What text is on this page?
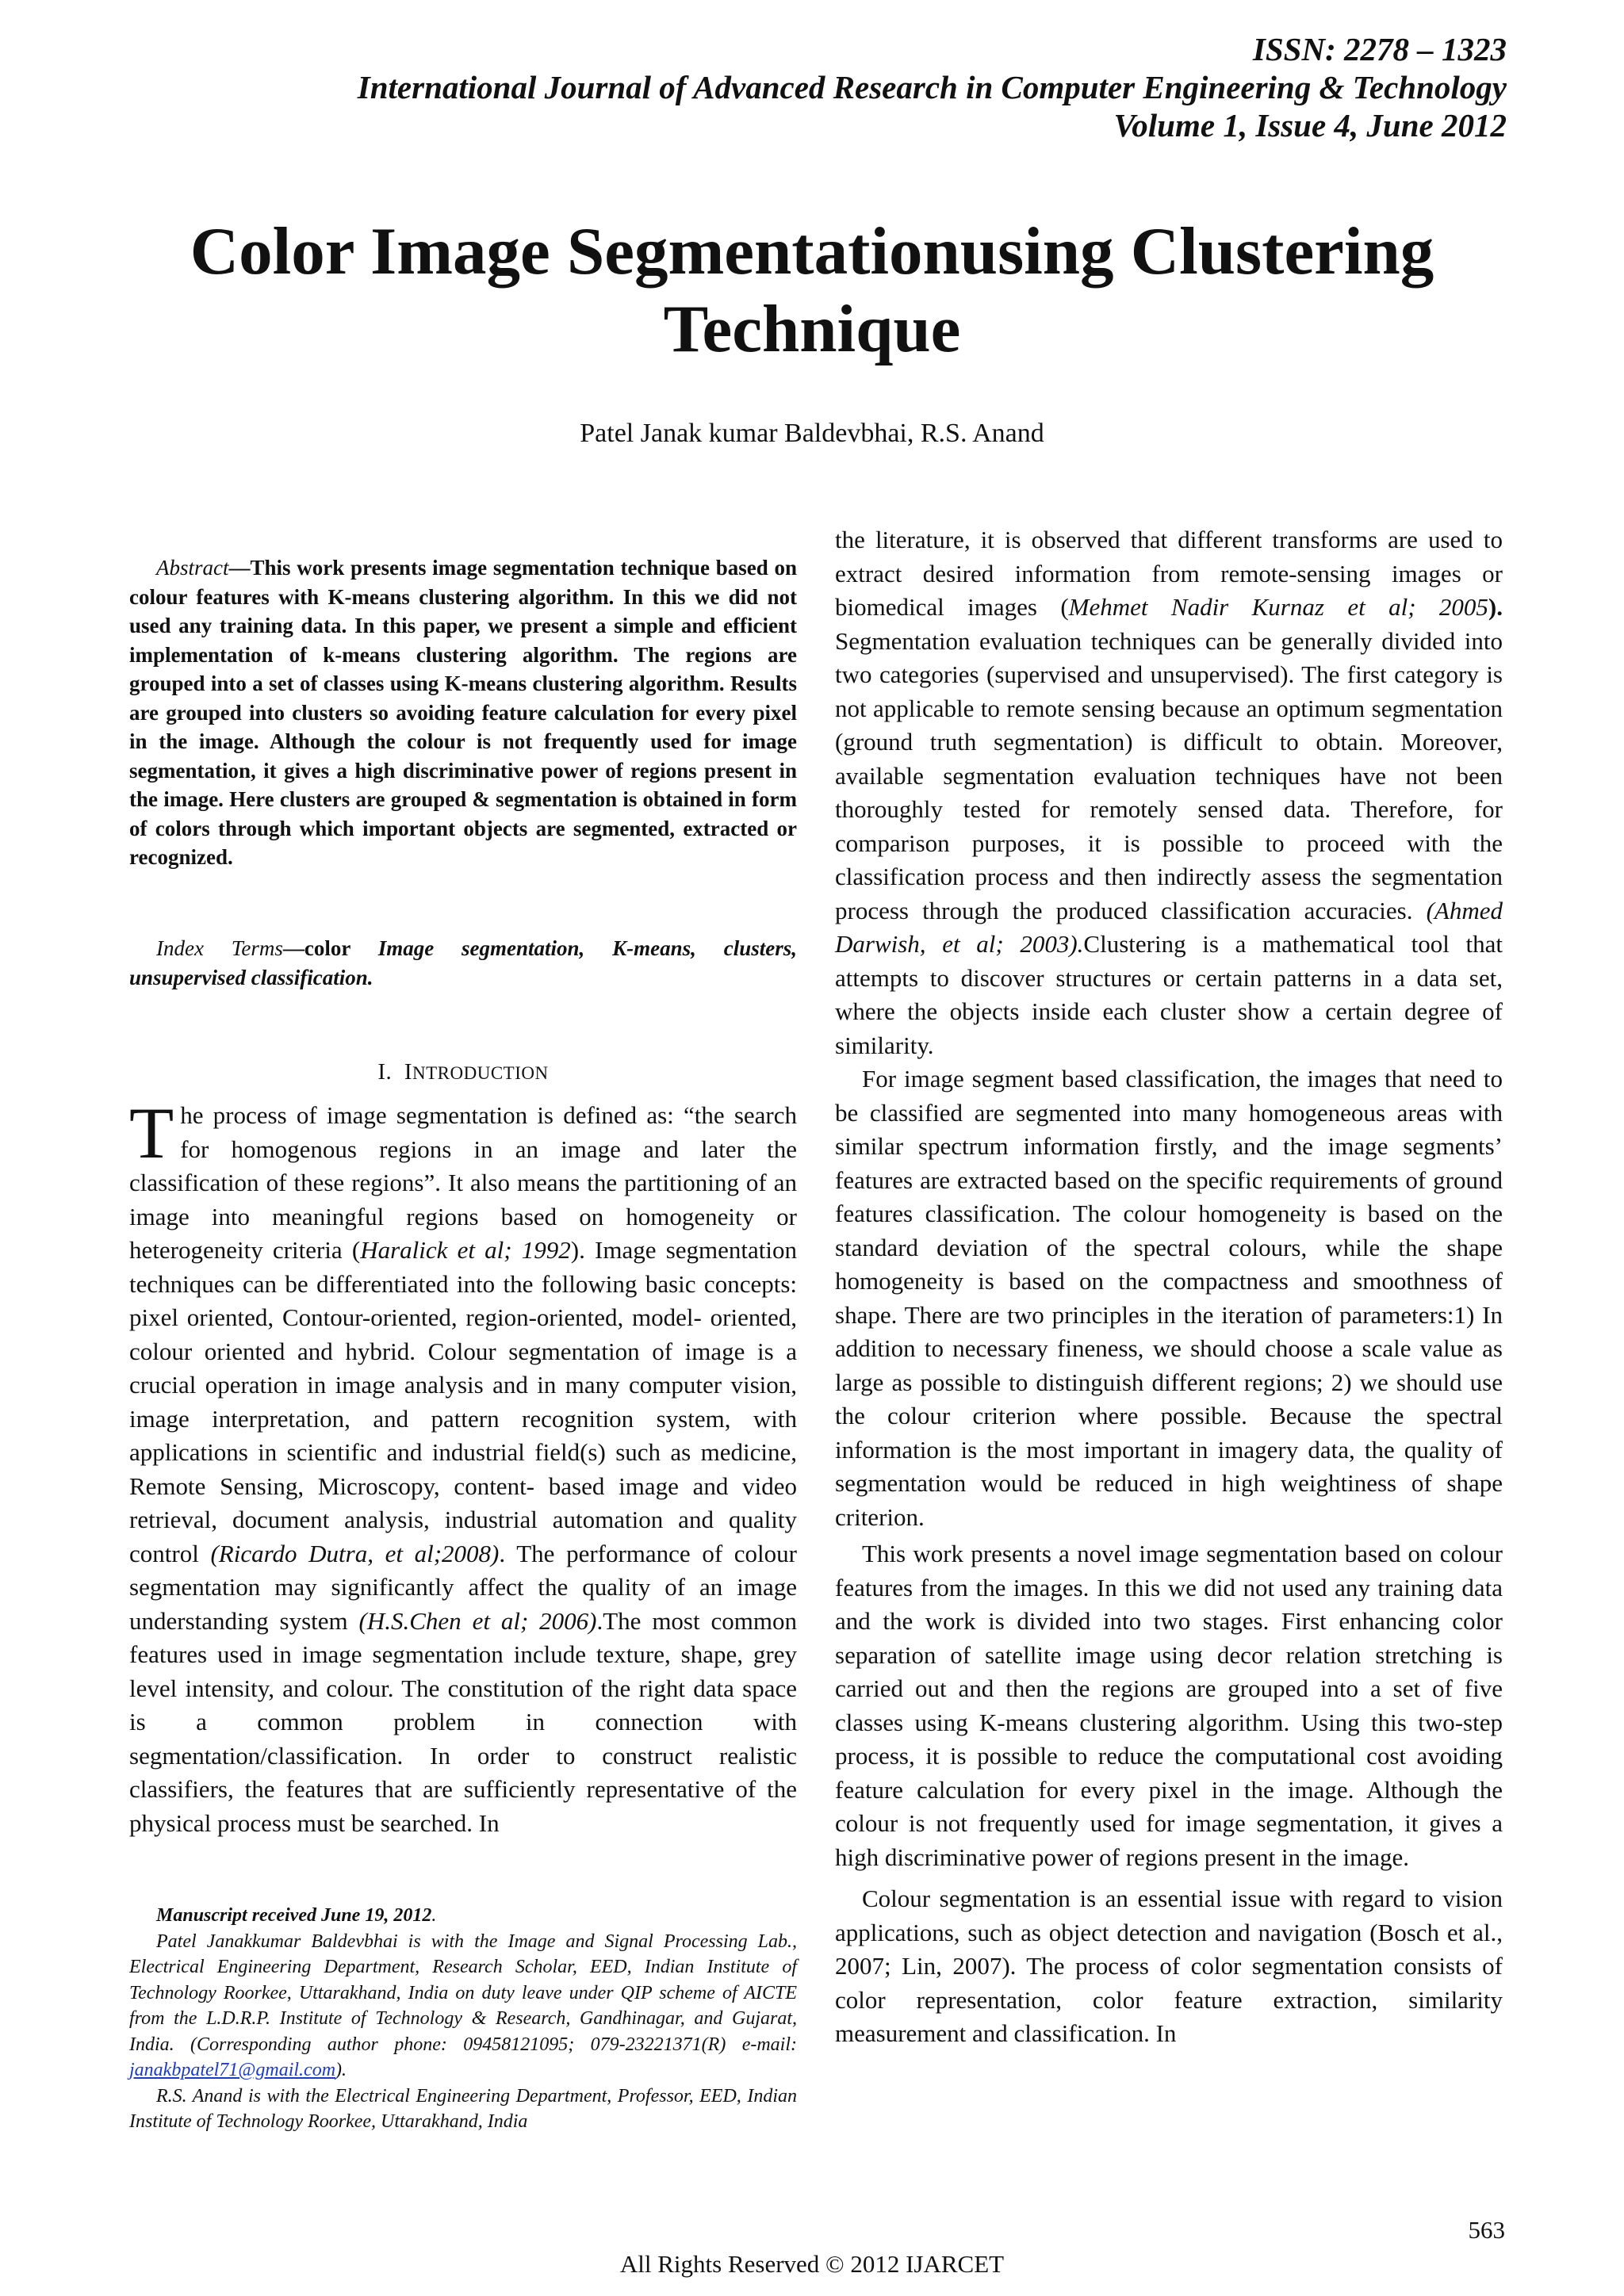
ISSN: 2278 – 1323
International Journal of Advanced Research in Computer Engineering & Technology
Volume 1, Issue 4, June 2012
Color Image Segmentationusing Clustering
Technique
Patel Janak kumar Baldevbhai, R.S. Anand
Abstract—This work presents image segmentation technique based on colour features with K-means clustering algorithm. In this we did not used any training data. In this paper, we present a simple and efficient implementation of k-means clustering algorithm. The regions are grouped into a set of classes using K-means clustering algorithm. Results are grouped into clusters so avoiding feature calculation for every pixel in the image. Although the colour is not frequently used for image segmentation, it gives a high discriminative power of regions present in the image. Here clusters are grouped & segmentation is obtained in form of colors through which important objects are segmented, extracted or recognized.
Index Terms—color Image segmentation, K-means, clusters, unsupervised classification.
I. INTRODUCTION
The process of image segmentation is defined as: “the search for homogenous regions in an image and later the classification of these regions”. It also means the partitioning of an image into meaningful regions based on homogeneity or heterogeneity criteria (Haralick et al; 1992). Image segmentation techniques can be differentiated into the following basic concepts: pixel oriented, Contour-oriented, region-oriented, model- oriented, colour oriented and hybrid. Colour segmentation of image is a crucial operation in image analysis and in many computer vision, image interpretation, and pattern recognition system, with applications in scientific and industrial field(s) such as medicine, Remote Sensing, Microscopy, content- based image and video retrieval, document analysis, industrial automation and quality control (Ricardo Dutra, et al;2008). The performance of colour segmentation may significantly affect the quality of an image understanding system (H.S.Chen et al; 2006).The most common features used in image segmentation include texture, shape, grey level intensity, and colour. The constitution of the right data space is a common problem in connection with segmentation/classification. In order to construct realistic classifiers, the features that are sufficiently representative of the physical process must be searched. In

Manuscript received June 19, 2012.

Patel Janakkumar Baldevbhai is with the Image and Signal Processing Lab., Electrical Engineering Department, Research Scholar, EED, Indian Institute of Technology Roorkee, Uttarakhand, India on duty leave under QIP scheme of AICTE from the L.D.R.P. Institute of Technology & Research, Gandhinagar, and Gujarat, India. (Corresponding author phone: 09458121095; 079-23221371(R) e-mail: janakbpatel71@gmail.com).

R.S. Anand is with the Electrical Engineering Department, Professor, EED, Indian Institute of Technology Roorkee, Uttarakhand, India

the literature, it is observed that different transforms are used to extract desired information from remote-sensing images or biomedical images (Mehmet Nadir Kurnaz et al; 2005). Segmentation evaluation techniques can be generally divided into two categories (supervised and unsupervised). The first category is not applicable to remote sensing because an optimum segmentation (ground truth segmentation) is difficult to obtain. Moreover, available segmentation evaluation techniques have not been thoroughly tested for remotely sensed data. Therefore, for comparison purposes, it is possible to proceed with the classification process and then indirectly assess the segmentation process through the produced classification accuracies. (Ahmed Darwish, et al; 2003).Clustering is a mathematical tool that attempts to discover structures or certain patterns in a data set, where the objects inside each cluster show a certain degree of similarity.

For image segment based classification, the images that need to be classified are segmented into many homogeneous areas with similar spectrum information firstly, and the image segments’ features are extracted based on the specific requirements of ground features classification. The colour homogeneity is based on the standard deviation of the spectral colours, while the shape homogeneity is based on the compactness and smoothness of shape. There are two principles in the iteration of parameters:1) In addition to necessary fineness, we should choose a scale value as large as possible to distinguish different regions; 2) we should use the colour criterion where possible. Because the spectral information is the most important in imagery data, the quality of segmentation would be reduced in high weightiness of shape criterion.

This work presents a novel image segmentation based on colour features from the images. In this we did not used any training data and the work is divided into two stages. First enhancing color separation of satellite image using decor relation stretching is carried out and then the regions are grouped into a set of five classes using K-means clustering algorithm. Using this two-step process, it is possible to reduce the computational cost avoiding feature calculation for every pixel in the image. Although the colour is not frequently used for image segmentation, it gives a high discriminative power of regions present in the image.

Colour segmentation is an essential issue with regard to vision applications, such as object detection and navigation (Bosch et al., 2007; Lin, 2007). The process of color segmentation consists of color representation, color feature extraction, similarity measurement and classification. In

563
All Rights Reserved © 2012 IJARCET
